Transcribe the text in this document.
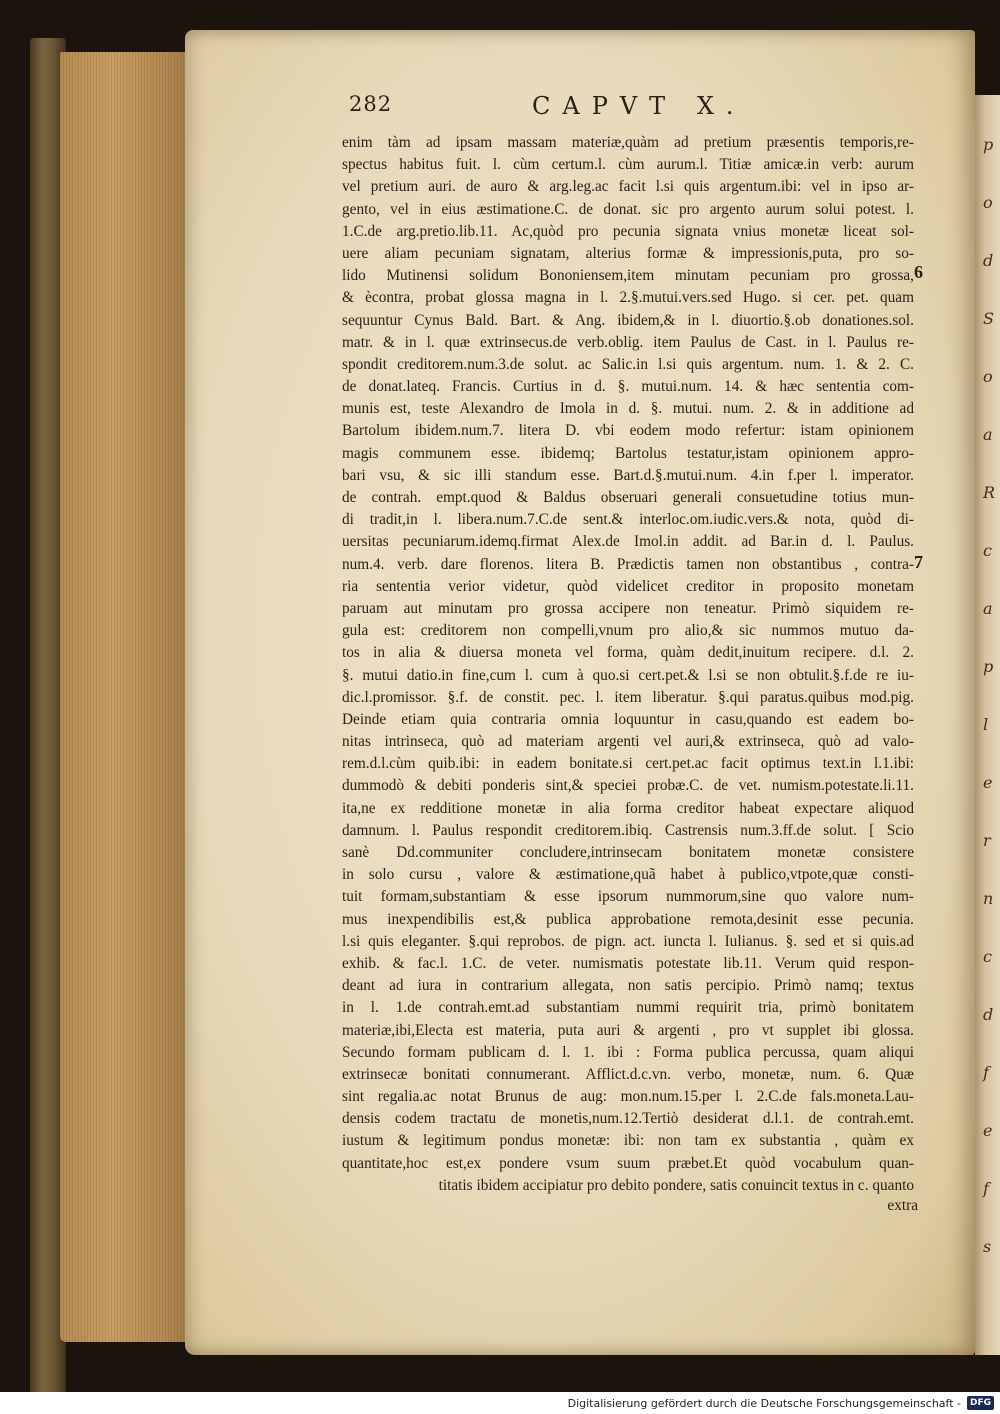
p
o
d
S
o
a
R
c
a
p
l
e
r
n
c
d
f
e
f
s
282	CAPVT X.
enim tàm ad ipsam massam materiæ,quàm ad pretium præsentis temporis,re-
spectus habitus fuit. l. cùm certum.l. cùm aurum.l. Titiæ amicæ.in verb: aurum
vel pretium auri. de auro & arg.leg.ac facit l.si quis argentum.ibi: vel in ipso ar-
gento, vel in eius æstimatione.C. de donat. sic pro argento aurum solui potest. l.
1.C.de arg.pretio.lib.11. Ac,quòd pro pecunia signata vnius monetæ liceat sol-
uere aliam pecuniam signatam, alterius formæ & impressionis,puta, pro so-
lido Mutinensi solidum Bononiensem,item minutam pecuniam pro grossa,
& ècontra, probat glossa magna in l. 2.§.mutui.vers.sed Hugo. si cer. pet. quam
sequuntur Cynus Bald. Bart. & Ang. ibidem,& in l. diuortio.§.ob donationes.sol.
matr. & in l. quæ extrinsecus.de verb.oblig. item Paulus de Cast. in l. Paulus re-
spondit creditorem.num.3.de solut. ac Salic.in l.si quis argentum. num. 1. & 2. C.
de donat.lateq. Francis. Curtius in d. §. mutui.num. 14. & hæc sententia com-
munis est, teste Alexandro de Imola in d. §. mutui. num. 2. & in additione ad
Bartolum ibidem.num.7. litera D. vbi eodem modo refertur: istam opinionem
magis communem esse. ibidemq; Bartolus testatur,istam opinionem appro-
bari vsu, & sic illi standum esse. Bart.d.§.mutui.num. 4.in f.per l. imperator.
de contrah. empt.quod & Baldus obseruari generali consuetudine totius mun-
di tradit,in l. libera.num.7.C.de sent.& interloc.om.iudic.vers.& nota, quòd di-
uersitas pecuniarum.idemq.firmat Alex.de Imol.in addit. ad Bar.in d. l. Paulus.
num.4. verb. dare florenos. litera B. Prædictis tamen non obstantibus , contra-
ria sententia verior videtur, quòd videlicet creditor in proposito monetam
paruam aut minutam pro grossa accipere non teneatur. Primò siquidem re-
gula est: creditorem non compelli,vnum pro alio,& sic nummos mutuo da-
tos in alia & diuersa moneta vel forma, quàm dedit,inuitum recipere. d.l. 2.
§. mutui datio.in fine,cum l. cum à quo.si cert.pet.& l.si se non obtulit.§.f.de re iu-
dic.l.promissor. §.f. de constit. pec. l. item liberatur. §.qui paratus.quibus mod.pig.
Deinde etiam quia contraria omnia loquuntur in casu,quando est eadem bo-
nitas intrinseca, quò ad materiam argenti vel auri,& extrinseca, quò ad valo-
rem.d.l.cùm quib.ibi: in eadem bonitate.si cert.pet.ac facit optimus text.in l.1.ibi:
dummodò & debiti ponderis sint,& speciei probæ.C. de vet. numism.potestate.li.11.
ita,ne ex redditione monetæ in alia forma creditor habeat expectare aliquod
damnum. l. Paulus respondit creditorem.ibiq. Castrensis num.3.ff.de solut. [ Scio
sanè Dd.communiter concludere,intrinsecam bonitatem monetæ consistere
in solo cursu , valore & æstimatione,quã habet à publico,vtpote,quæ consti-
tuit formam,substantiam & esse ipsorum nummorum,sine quo valore num-
mus inexpendibilis est,& publica approbatione remota,desinit esse pecunia.
l.si quis eleganter. §.qui reprobos. de pign. act. iuncta l. Iulianus. §. sed et si quis.ad
exhib. & fac.l. 1.C. de veter. numismatis potestate lib.11. Verum quid respon-
deant ad iura in contrarium allegata, non satis percipio. Primò namq; textus
in l. 1.de contrah.emt.ad substantiam nummi requirit tria, primò bonitatem
materiæ,ibi,Electa est materia, puta auri & argenti , pro vt supplet ibi glossa.
Secundo formam publicam d. l. 1. ibi : Forma publica percussa, quam aliqui
extrinsecæ bonitati connumerant. Afflict.d.c.vn. verbo, monetæ, num. 6. Quæ
sint regalia.ac notat Brunus de aug: mon.num.15.per l. 2.C.de fals.moneta.Lau-
densis codem tractatu de monetis,num.12.Tertiò desiderat d.l.1. de contrah.emt.
iustum & legitimum pondus monetæ: ibi: non tam ex substantia , quàm ex
quantitate,hoc est,ex pondere vsum suum præbet.Et quòd vocabulum quan-
titatis ibidem accipiatur pro debito pondere, satis conuincit textus in c. quanto
6
7
extra
Digitalisierung gefördert durch die Deutsche Forschungsgemeinschaft -	DFG
